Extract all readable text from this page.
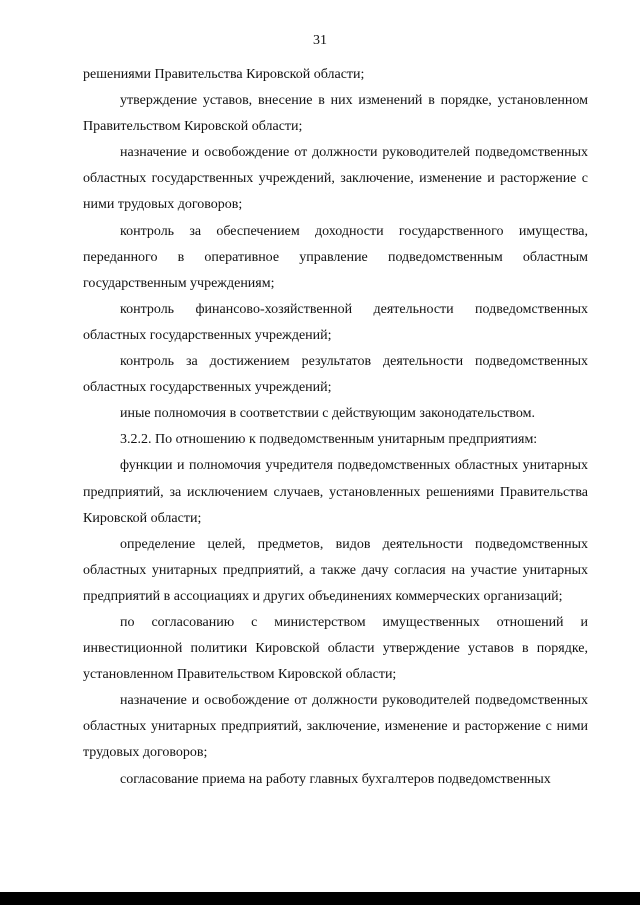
31

решениями Правительства Кировской области;

утверждение уставов, внесение в них изменений в порядке, установленном Правительством Кировской области;

назначение и освобождение от должности руководителей подведомственных областных государственных учреждений, заключение, изменение и расторжение с ними трудовых договоров;

контроль за обеспечением доходности государственного имущества, переданного в оперативное управление подведомственным областным государственным учреждениям;

контроль финансово-хозяйственной деятельности подведомственных областных государственных учреждений;

контроль за достижением результатов деятельности подведомственных областных государственных учреждений;

иные полномочия в соответствии с действующим законодательством.

3.2.2. По отношению к подведомственным унитарным предприятиям:

функции и полномочия учредителя подведомственных областных унитарных предприятий, за исключением случаев, установленных решениями Правительства Кировской области;

определение целей, предметов, видов деятельности подведомственных областных унитарных предприятий, а также дачу согласия на участие унитарных предприятий в ассоциациях и других объединениях коммерческих организаций;

по согласованию с министерством имущественных отношений и инвестиционной политики Кировской области утверждение уставов в порядке, установленном Правительством Кировской области;

назначение и освобождение от должности руководителей подведомственных областных унитарных предприятий, заключение, изменение и расторжение с ними трудовых договоров;

согласование приема на работу главных бухгалтеров подведомственных
